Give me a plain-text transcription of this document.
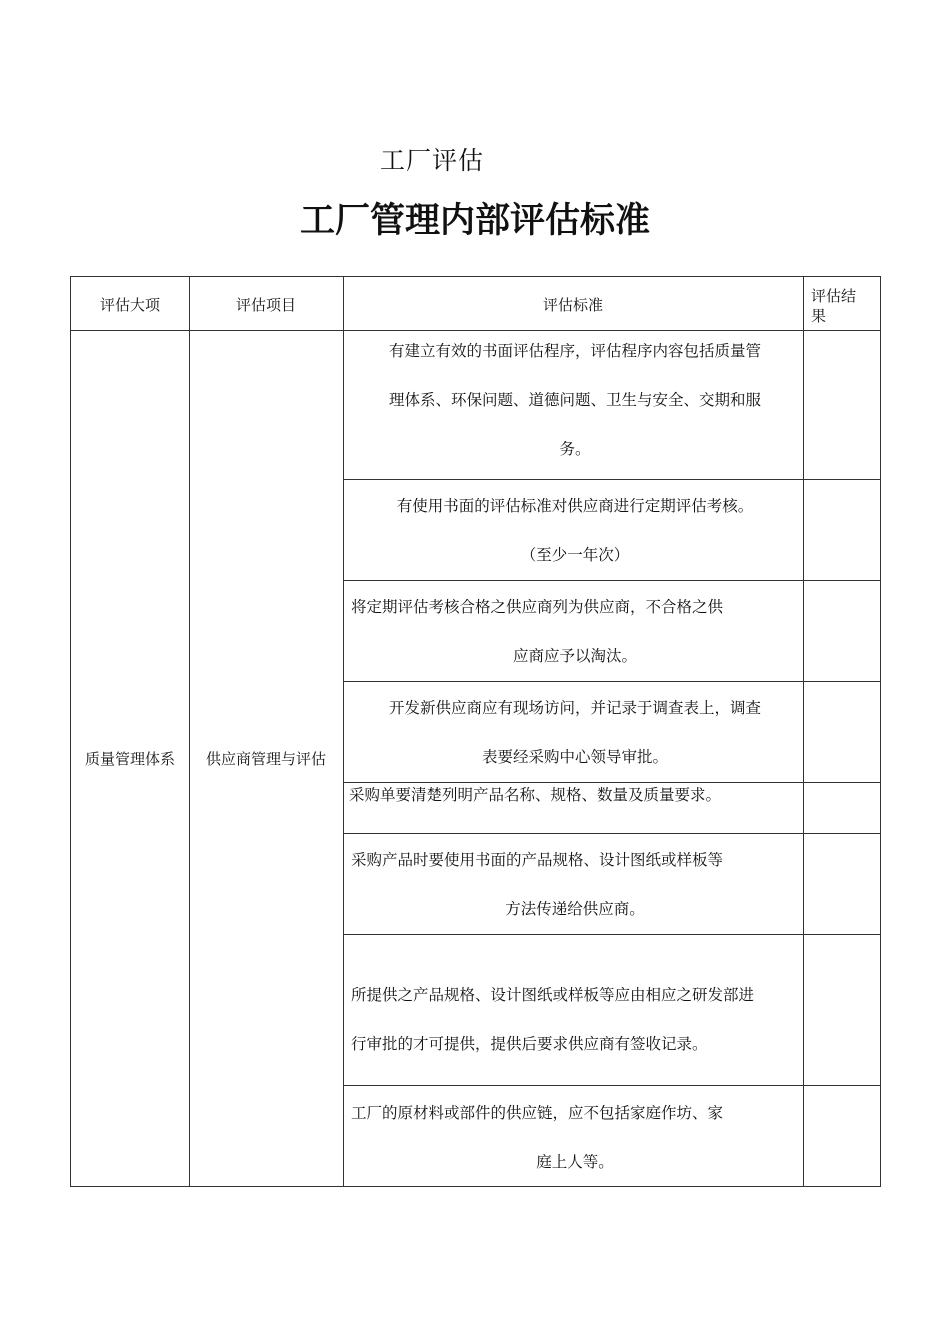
工厂评估
工厂管理内部评估标准
评估大项	评估项目	评估标准	评估结
果
质量管理体系	供应商管理与评估
有建立有效的书面评估程序，评估程序内容包括质量管
理体系、环保问题、道德问题、卫生与安全、交期和服
务。
有使用书面的评估标准对供应商进行定期评估考核。
（至少一年次）
将定期评估考核合格之供应商列为供应商，不合格之供
应商应予以淘汰。
开发新供应商应有现场访问，并记录于调查表上，调查
表要经采购中心领导审批。
采购单要清楚列明产品名称、规格、数量及质量要求。
采购产品时要使用书面的产品规格、设计图纸或样板等
方法传递给供应商。
所提供之产品规格、设计图纸或样板等应由相应之研发部进
行审批的才可提供，提供后要求供应商有签收记录。
工厂的原材料或部件的供应链，应不包括家庭作坊、家
庭上人等。
